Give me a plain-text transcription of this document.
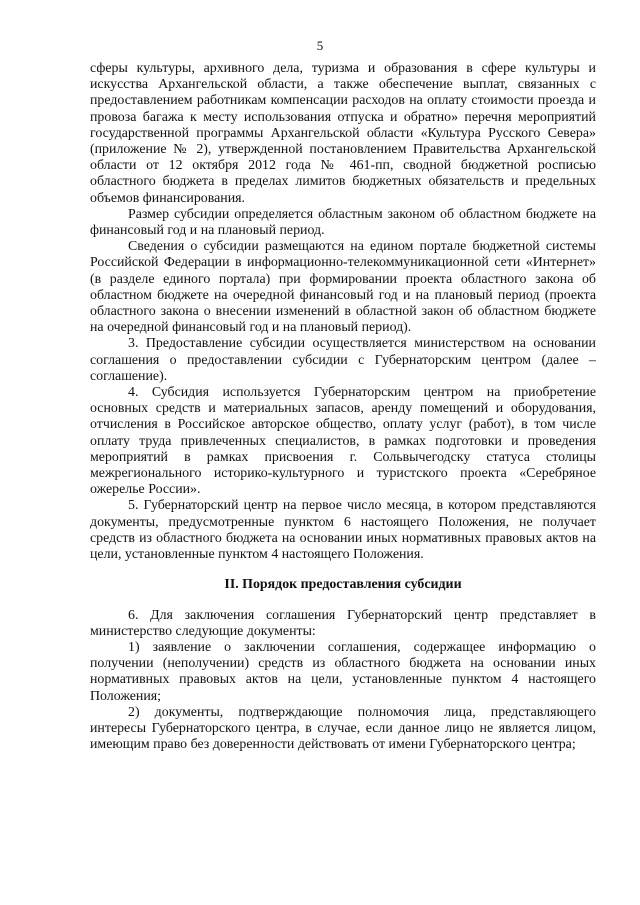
5

сферы культуры, архивного дела, туризма и образования в сфере культуры и искусства Архангельской области, а также обеспечение выплат, связанных с предоставлением работникам компенсации расходов на оплату стоимости проезда и провоза багажа к месту использования отпуска и обратно» перечня мероприятий государственной программы Архангельской области «Культура Русского Севера» (приложение № 2), утвержденной постановлением Правительства Архангельской области от 12 октября 2012 года № 461-пп, сводной бюджетной росписью областного бюджета в пределах лимитов бюджетных обязательств и предельных объемов финансирования.

Размер субсидии определяется областным законом об областном бюджете на финансовый год и на плановый период.

Сведения о субсидии размещаются на едином портале бюджетной системы Российской Федерации в информационно-телекоммуникационной сети «Интернет» (в разделе единого портала) при формировании проекта областного закона об областном бюджете на очередной финансовый год и на плановый период (проекта областного закона о внесении изменений в областной закон об областном бюджете на очередной финансовый год и на плановый период).

3. Предоставление субсидии осуществляется министерством на основании соглашения о предоставлении субсидии с Губернаторским центром (далее – соглашение).

4. Субсидия используется Губернаторским центром на приобретение основных средств и материальных запасов, аренду помещений и оборудования, отчисления в Российское авторское общество, оплату услуг (работ), в том числе оплату труда привлеченных специалистов, в рамках подготовки и проведения мероприятий в рамках присвоения г. Сольвычегодску статуса столицы межрегионального историко-культурного и туристского проекта «Серебряное ожерелье России».

5. Губернаторский центр на первое число месяца, в котором представляются документы, предусмотренные пунктом 6 настоящего Положения, не получает средств из областного бюджета на основании иных нормативных правовых актов на цели, установленные пунктом 4 настоящего Положения.

II. Порядок предоставления субсидии

6. Для заключения соглашения Губернаторский центр представляет в министерство следующие документы:

1) заявление о заключении соглашения, содержащее информацию о получении (неполучении) средств из областного бюджета на основании иных нормативных правовых актов на цели, установленные пунктом 4 настоящего Положения;

2) документы, подтверждающие полномочия лица, представляющего интересы Губернаторского центра, в случае, если данное лицо не является лицом, имеющим право без доверенности действовать от имени Губернаторского центра;
